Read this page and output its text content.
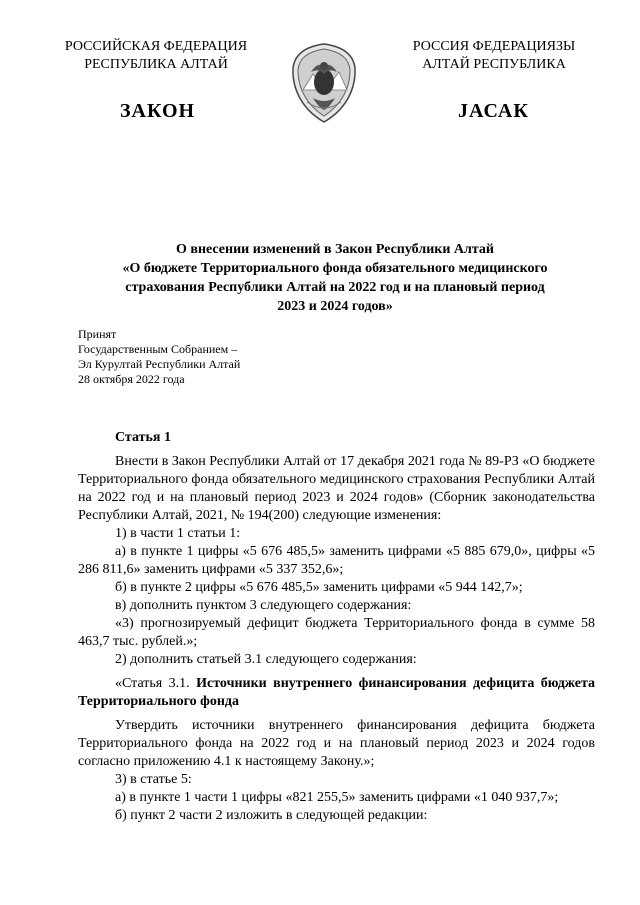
РОССИЙСКАЯ ФЕДЕРАЦИЯ
РЕСПУБЛИКА АЛТАЙ
РОССИЯ ФЕДЕРАЦИЯЗЫ
АЛТАЙ РЕСПУБЛИКА
ЗАКОН	ЈАСАК
О внесении изменений в Закон Республики Алтай
«О бюджете Территориального фонда обязательного медицинского
страхования Республики Алтай на 2022 год и на плановый период
2023 и 2024 годов»
Принят
Государственным Собранием –
Эл Курултай Республики Алтай
28 октября 2022 года

Статья 1

Внести в Закон Республики Алтай от 17 декабря 2021 года № 89-РЗ «О бюджете Территориального фонда обязательного медицинского страхования Республики Алтай на 2022 год и на плановый период 2023 и 2024 годов» (Сборник законодательства Республики Алтай, 2021, № 194(200) следующие изменения:

1) в части 1 статьи 1:

а) в пункте 1 цифры «5 676 485,5» заменить цифрами «5 885 679,0», цифры «5 286 811,6» заменить цифрами «5 337 352,6»;

б) в пункте 2 цифры «5 676 485,5» заменить цифрами «5 944 142,7»;

в) дополнить пунктом 3 следующего содержания:

«3) прогнозируемый дефицит бюджета Территориального фонда в сумме 58 463,7 тыс. рублей.»;

2) дополнить статьей 3.1 следующего содержания:

«Статья 3.1. Источники внутреннего финансирования дефицита бюджета Территориального фонда

Утвердить источники внутреннего финансирования дефицита бюджета Территориального фонда на 2022 год и на плановый период 2023 и 2024 годов согласно приложению 4.1 к настоящему Закону.»;

3) в статье 5:

а) в пункте 1 части 1 цифры «821 255,5» заменить цифрами «1 040 937,7»;

б) пункт 2 части 2 изложить в следующей редакции:
